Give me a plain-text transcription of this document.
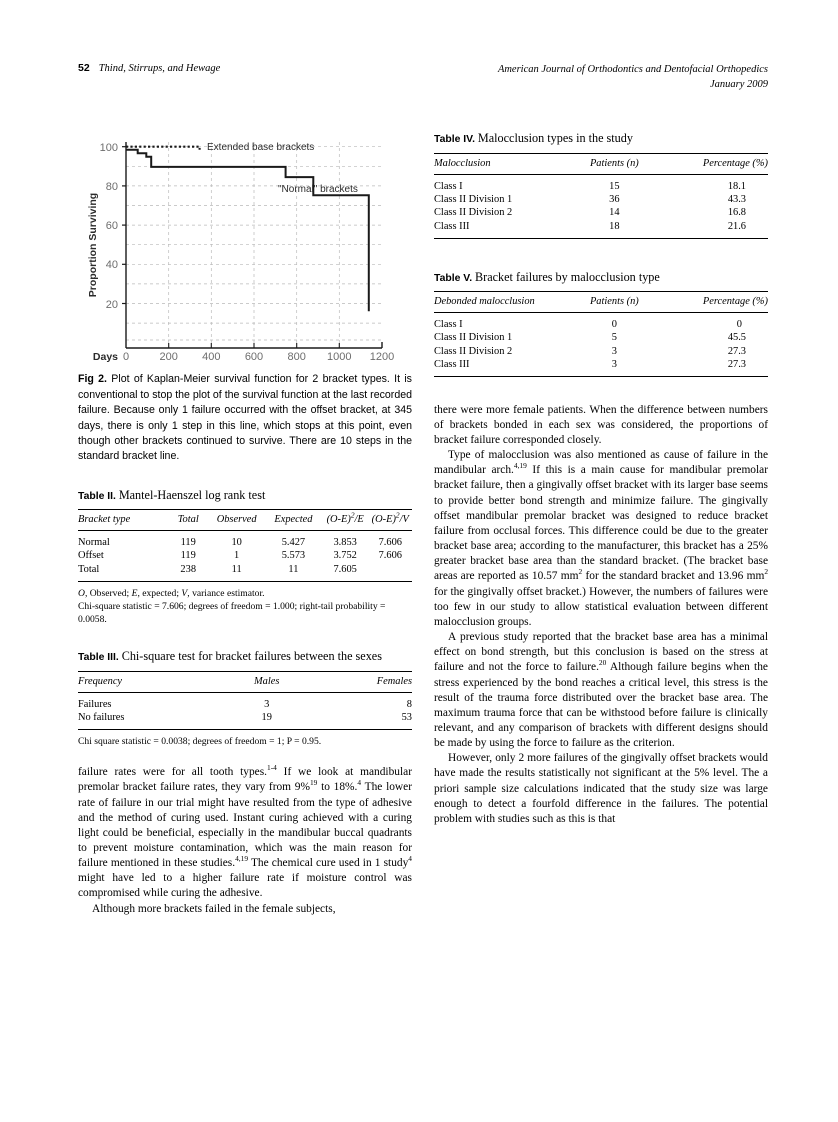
52 Thind, Stirrups, and Hewage	American Journal of Orthodontics and Dentofacial Orthopedics
January 2009
Extended base brackets
"Normal" brackets
100
80
60
40
20
0	200 400 600 800 1000 1200
Days
Proportion Surviving
Fig 2. Plot of Kaplan-Meier survival function for 2 bracket types. It is conventional to stop the plot of the survival function at the last recorded failure. Because only 1 failure occurred with the offset bracket, at 345 days, there is only 1 step in this line, which stops at this point, even though other brackets continued to survive. There are 10 steps in the standard bracket line.
Table II. Mantel-Haenszel log rank test
Bracket type	Total	Observed	Expected	$(O-E)^2/E$	$(O-E)^2/V$
Normal	119	10	5.427	3.853	7.606
Offset	119	1	5.573	3.752	7.606
Total	238	11	11	7.605	
O, Observed; E, expected; V, variance estimator.
Chi-square statistic = 7.606; degrees of freedom = 1.000; right-tail probability = 0.0058.
Table III. Chi-square test for bracket failures between the sexes
Frequency	Males	Females
Failures	3	8
No failures	19	53
Chi square statistic = 0.0038; degrees of freedom = 1; P = 0.95.

failure rates were for all tooth types.$^{1-4}$ If we look at mandibular premolar bracket failure rates, they vary from 9%$^{19}$ to 18%.$^4$ The lower rate of failure in our trial might have resulted from the type of adhesive and the method of curing used. Instant curing achieved with a curing light could be beneficial, especially in the mandibular buccal quadrants to prevent moisture contamination, which was the main reason for failure mentioned in these studies.$^{4,19}$ The chemical cure used in 1 study$^4$ might have led to a higher failure rate if moisture control was compromised while curing the adhesive.

Although more brackets failed in the female subjects,

Table IV. Malocclusion types in the study
Malocclusion	Patients (n)	Percentage (%)
Class I	15	18.1
Class II Division 1	36	43.3
Class II Division 2	14	16.8
Class III	18	21.6
Table V. Bracket failures by malocclusion type
Debonded malocclusion	Patients (n)	Percentage (%)
Class I	0	0
Class II Division 1	5	45.5
Class II Division 2	3	27.3
Class III	3	27.3

there were more female patients. When the difference between numbers of brackets bonded in each sex was considered, the proportions of bracket failure corresponded closely.

Type of malocclusion was also mentioned as cause of failure in the mandibular arch.$^{4,19}$ If this is a main cause for mandibular premolar bracket failure, then a gingivally offset bracket with its larger base seems to provide better bond strength and minimize failure. The gingivally offset mandibular premolar bracket was designed to reduce bracket failure from occlusal forces. This difference could be due to the greater bracket base area; according to the manufacturer, this bracket has a 25% greater bracket base area than the standard bracket. (The bracket base areas are reported as 10.57 $mm^2$ for the standard bracket and 13.96 $mm^2$ for the gingivally offset bracket.) However, the numbers of failures were too few in our study to allow statistical evaluation between different malocclusion groups.

A previous study reported that the bracket base area has a minimal effect on bond strength, but this conclusion is based on the stress at failure and not the force to failure.$^{20}$ Although failure begins when the stress experienced by the bond reaches a critical level, this stress is the result of the trauma force distributed over the bracket base area. The maximum trauma force that can be withstood before failure is clinically relevant, and any comparison of brackets with different designs should be made by using the force to failure as the criterion.

However, only 2 more failures of the gingivally offset brackets would have made the results statistically not significant at the 5% level. The a priori sample size calculations indicated that the study size was large enough to detect a fourfold difference in the failures. The potential problem with studies such as this is that
